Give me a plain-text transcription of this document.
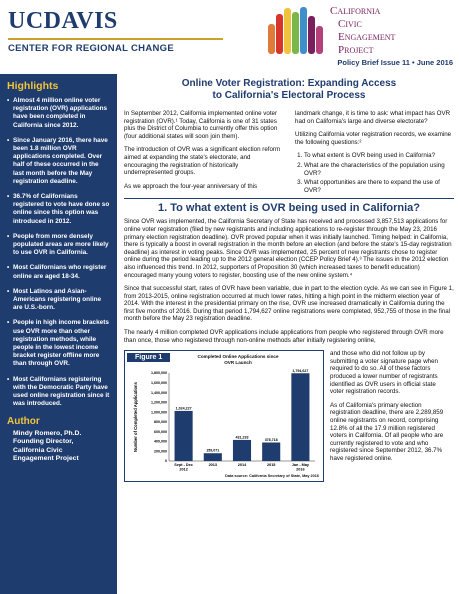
UCDAVIS
CENTER FOR REGIONAL CHANGE
California
Civic
Engagement
Project
Policy Brief Issue 11 • June 2016
Highlights
• Almost 4 million online voter registration (OVR) applications have been completed in California since 2012.
• Since January 2016, there have been 1.8 million OVR applications completed. Over half of these occurred in the last month before the May registration deadline.
• 36.7% of Californians registered to vote have done so online since this option was introduced in 2012.
• People from more densely populated areas are more likely to use OVR in California.
• Most Californians who register online are aged 18-34.
• Most Latinos and Asian-Americans registering online are U.S.-born.
• People in high income brackets use OVR more than other registration methods, while people in the lowest income bracket register offline more than through OVR.
• Most Californians registering with the Democratic Party have used online registration since it was introduced.
Author
Mindy Romero, Ph.D.
Founding Director,
California Civic
Engagement Project
Online Voter Registration: Expanding Access
to California's Electoral Process

In September 2012, California implemented online voter registration (OVR).¹ Today, California is one of 31 states plus the District of Columbia to currently offer this option (four additional states will soon join them).

The introduction of OVR was a significant election reform aimed at expanding the state's electorate, and encouraging the registration of historically underrepresented groups.

As we approach the four-year anniversary of this

landmark change, it is time to ask: what impact has OVR had on California's large and diverse electorate?

Utilizing California voter registration records, we examine the following questions:²

1. To what extent is OVR being used in California?
2. What are the characteristics of the population using OVR?
3. What opportunities are there to expand the use of OVR?
1. To what extent is OVR being used in California?

Since OVR was implemented, the California Secretary of State has received and processed 3,857,513 applications for online voter registration (filed by new registrants and including applications to re-register through the May 23, 2016 primary election registration deadline). OVR proved popular when it was initially launched. Timing helped: in California, there is typically a boost in overall registration in the month before an election (and before the state's 15-day registration deadline) as interest in voting peaks. Since OVR was implemented, 25 percent of new registrants chose to register online during the period leading up to the 2012 general election (CCEP Policy Brief 4).³ The issues in the 2012 election also influenced this trend. In 2012, supporters of Proposition 30 (which increased taxes to benefit education) encouraged many young voters to register, boosting use of the new online system.⁴

Since that successful start, rates of OVR have been variable, due in part to the election cycle. As we can see in Figure 1, from 2013-2015, online registration occurred at much lower rates, hitting a high point in the midterm election year of 2014. With the interest in the presidential primary on the rise, OVR use increased dramatically in California during the first five months of 2016. During that period 1,794,627 online registrations were completed, 952,755 of those in the final month before the May 23 registration deadline.

The nearly 4 million completed OVR applications include applications from people who registered through OVR more than once, those who registered through non-online methods after initially registering online,

0
200,000
400,000
600,000
800,000
1,000,000
1,200,000
1,400,000
1,600,000
1,800,000
Number of Completed Applications	1,024,227
Sept - Dec
2012
159,071
2013
431,233
2014
378,718
2015
1,794,627
Jan - May
2016
Figure 1	Completed Online Applications since OVR Launch
Data source: California Secretary of State, May 2016

and those who did not follow up by submitting a voter signature page when required to do so. All of these factors produced a lower number of registrants identified as OVR users in official state voter registration records.

As of California's primary election registration deadline, there are 2,289,859 online registrants on record, comprising 12.8% of all the 17.9 million registered voters in California. Of all people who are currently registered to vote and who registered since September 2012, 36.7% have registered online.
